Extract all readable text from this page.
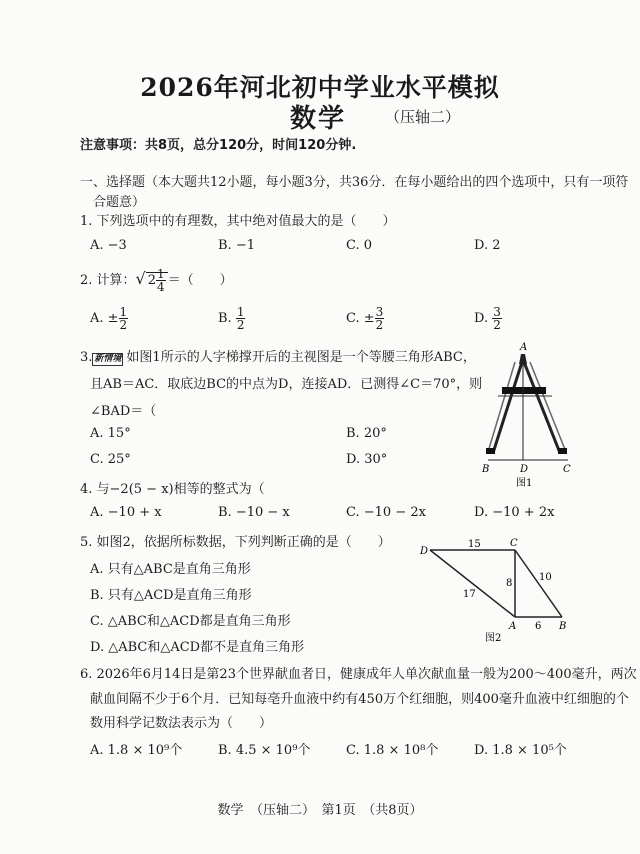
2026年河北初中学业水平模拟
数学	（压轴二）
注意事项：共8页，总分120分，时间120分钟.
一、选择题（本大题共12小题，每小题3分，共36分．在每小题给出的四个选项中，只有一项符
合题意）
1. 下列选项中的有理数，其中绝对值最大的是（　　）
A. −3	B. −1	C. 0	D. 2
2. 计算：√ $2 \frac{1}{4}$ ＝（　　）
A. ± $\frac{1}{2}$	B. $\frac{1}{2}$	C. ± $\frac{3}{2}$	D. $\frac{3}{2}$
3. 新情境 如图1所示的人字梯撑开后的主视图是一个等腰三角形ABC，
且AB＝AC．取底边BC的中点为D，连接AD．已测得∠C＝70°，则
∠BAD＝（
A. 15°	B. 20°
C. 25°	D. 30°
A
B	D	C
图1
4. 与−2(5 − x)相等的整式为（
A. −10 + x	B. −10 − x	C. −10 − 2x	D. −10 + 2x
5. 如图2，依据所标数据，下列判断正确的是（　　）
A. 只有△ABC是直角三角形
B. 只有△ACD是直角三角形
C. △ABC和△ACD都是直角三角形
D. △ABC和△ACD都不是直角三角形
D
C
A	B
15
8
10
17
6
图2
6. 2026年6月14日是第23个世界献血者日，健康成年人单次献血量一般为200～400毫升，两次
献血间隔不少于6个月．已知每亳升血液中约有450万个红细胞，则400毫升血液中红细胞的个
数用科学记数法表示为（　　）
A. 1.8 × 10⁹个	B. 4.5 × 10⁹个	C. 1.8 × 10⁸个	D. 1.8 × 10⁵个
数学　（压轴二）　第1页　（共8页）
